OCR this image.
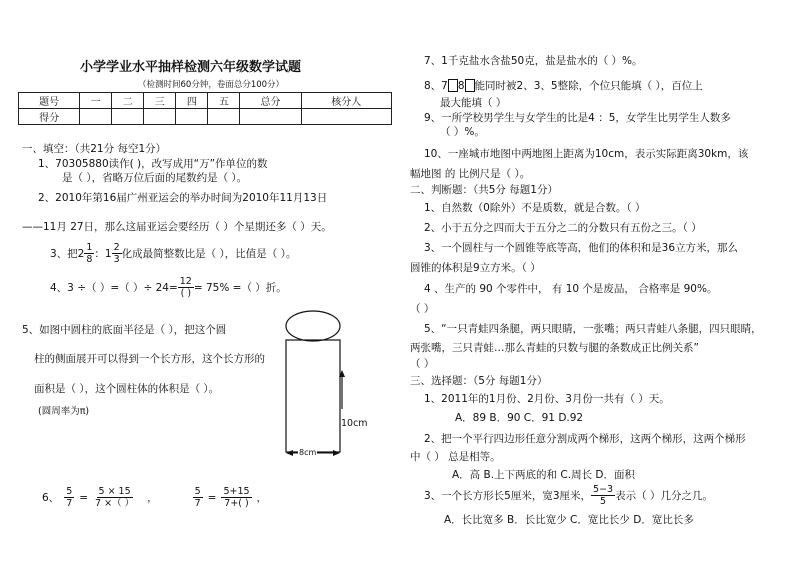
小学学业水平抽样检测六年级数学试题
（检测时间60分钟，卷面总分100分）
题号	一	二	三	四	五	总分	核分人
得分							
一、填空：（共21分 每空1分）
1、70305880读作( )，改写成用“万”作单位的数
是（ ），省略万位后面的尾数约是（ ）。
2、2010年第16届广州亚运会的举办时间为2010年11月13日
——11月 27日，那么这届亚运会要经历（ ）个星期还多（ ）天。
3、把$2 \frac{1}{8}$ ：$1 \frac{2}{3}$ 化成最简整数比是（ ），比值是（ ）。
4、3 ÷（ ）=（ ）÷ $24= \frac{12}{( )} = 75\%$ =（ ）折。
5、如图中圆柱的底面半径是（ ），把这个圆
柱的侧面展开可以得到一个长方形，这个长方形的
面积是（ ），这个圆柱体的体积是（ ）。
(圆周率为π)
10cm
8cm
6、 $\frac{5}{7} = \frac{5 \times 15}{7 \times( )}$ ，	$\frac{5}{7} = \frac{5+15}{7+( )}$ ，
7、1千克盐水含盐50克，盐是盐水的（ ）%。
8、7 8 能同时被2、3、5整除，个位只能填（ ），百位上
最大能填（ ）
9、一所学校男学生与女学生的比是4 ：5，女学生比男学生人数多
（ ）%。
10、一座城市地图中两地图上距离为10cm，表示实际距离30km，该
幅地图 的 比例尺是（ ）。
二、判断题：（共5分 每题1分）
1、自然数（0除外）不是质数，就是合数。（ ）
2、小于五分之四而大于五分之二的分数只有五份之三。（ ）
3、一个圆柱与一个圆锥等底等高，他们的体积和是36立方米，那么
圆锥的体积是9立方米。（ ）
4 、生产的 90 个零件中， 有 10 个是废品， 合格率是 90%。
（ ）
5、“一只青蛙四条腿，两只眼睛，一张嘴；两只青蛙八条腿，四只眼睛，
两张嘴，三只青蛙…那么青蛙的只数与腿的条数成正比例关系”
（ ）
三、选择题：（5分 每题1分）
1、2011年的1月份、2月份、3月份一共有（ ）天。
A．89 B．90 C．91 D.92
2、把一个平行四边形任意分割成两个梯形，这两个梯形，这两个梯形
中（ ） 总是相等。
A．高 B.上下两底的和 C.周长 D．面积
3、一个长方形长5厘米，宽3厘米， $\frac{5-3}{5}$ 表示（ ）几分之几。
A．长比宽多 B．长比宽少 C．宽比长少 D．宽比长多
